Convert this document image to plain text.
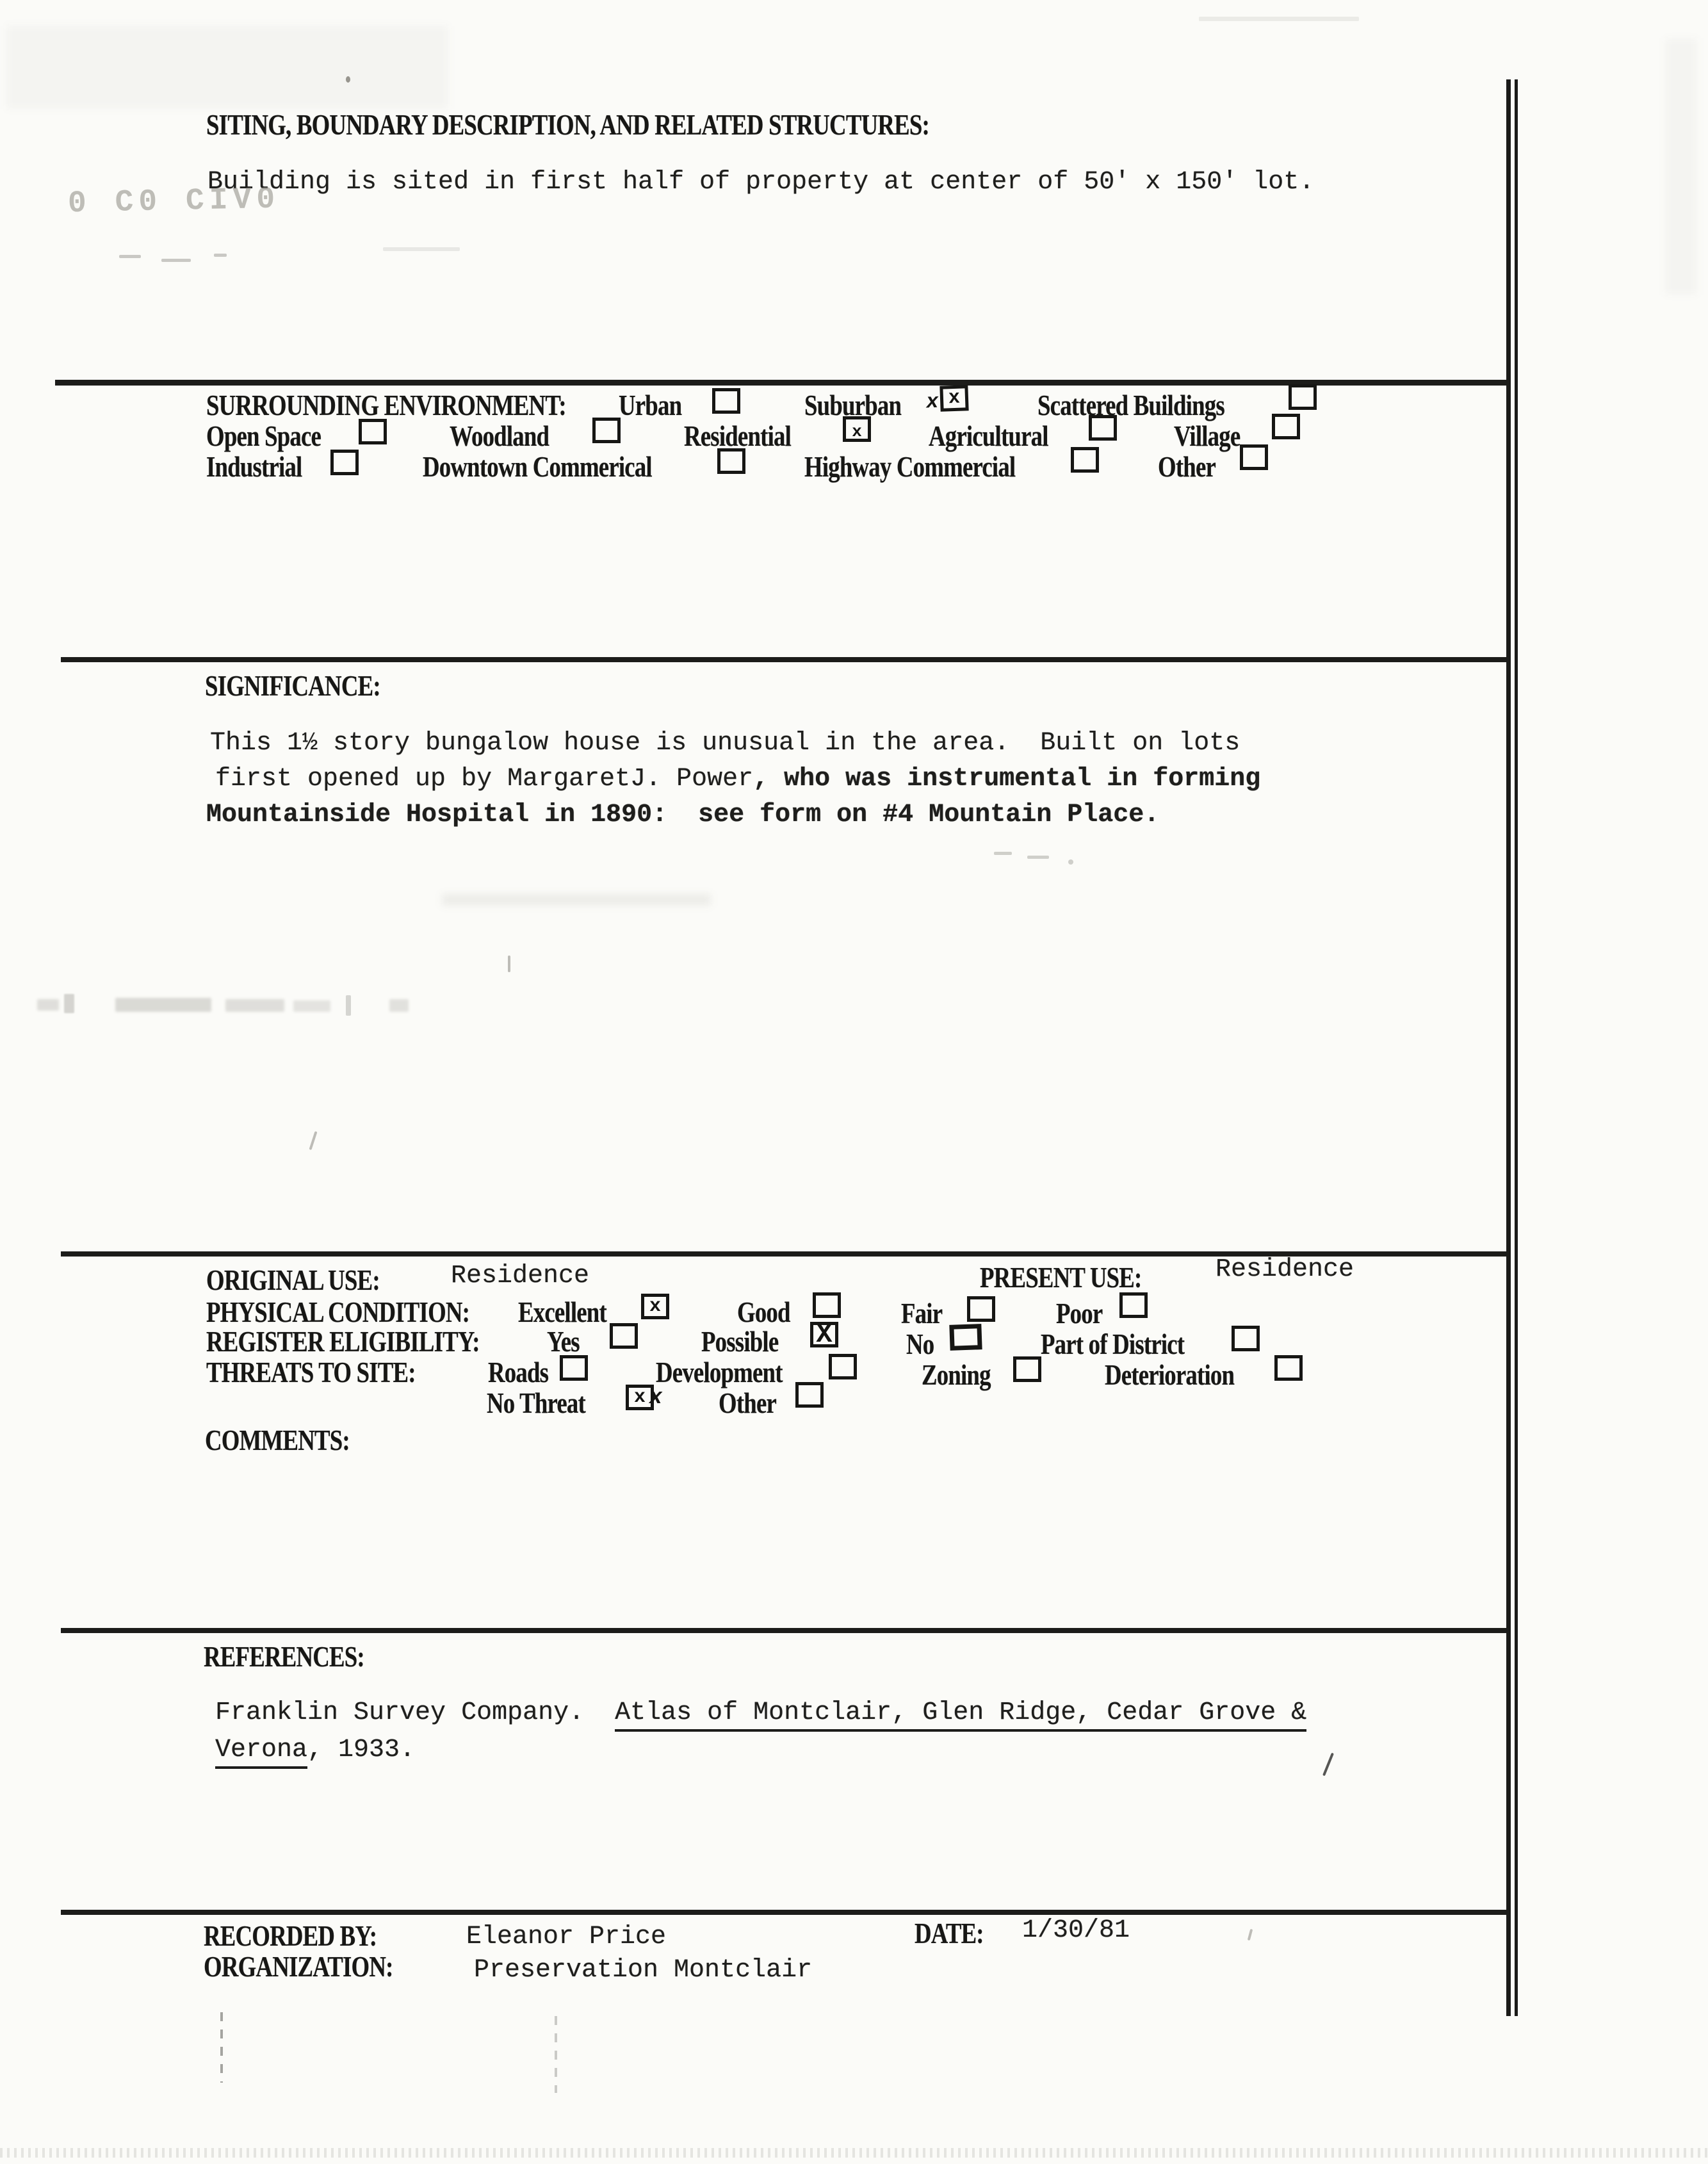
SITING, BOUNDARY DESCRIPTION, AND RELATED STRUCTURES:
Building is sited in first half of property at center of 50' x 150' lot.
0 C0 CIV0
SURROUNDING ENVIRONMENT: Urban	Suburban x x	Scattered Buildings
Open Space	Woodland	Residential	x Agricultural	Village
Industrial	Downtown Commerical	Highway Commercial	Other
SIGNIFICANCE:
This 1½ story bungalow house is unusual in the area.  Built on lots
first opened up by MargaretJ. Power, who was instrumental in forming
Mountainside Hospital in 1890:  see form on #4 Mountain Place.
ORIGINAL USE:	Residence	PRESENT USE:	Residence
PHYSICAL CONDITION: Excellent x	Good	Fair	Poor
REGISTER ELIGIBILITY: Yes	Possible X	No	Part of District
THREATS TO SITE: Roads	Development	Zoning	Deterioration
No Threat	x x Other
COMMENTS:
REFERENCES:
Franklin Survey Company.  Atlas of Montclair, Glen Ridge, Cedar Grove &
Verona, 1933.
RECORDED BY:	Eleanor Price	DATE: 1/30/81
ORGANIZATION:	Preservation Montclair
